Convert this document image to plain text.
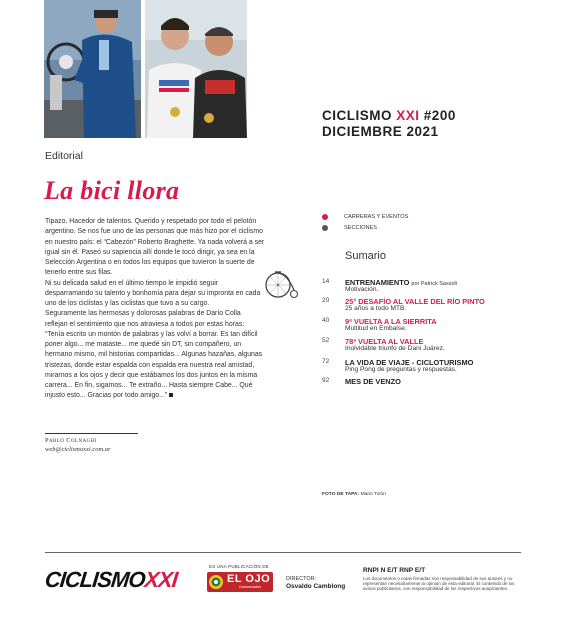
CICLISMO XXI #200
DICIEMBRE 2021
Editorial
La bici llora

Tipazo. Hacedor de talentos. Querido y respetado por todo el pelotón argentino. Se nos fue uno de las personas que más hizo por el ciclismo en nuestro país: el “Cabezón” Roberto Braghette. Ya nada volverá a ser igual sin él. Paseó su sapiencia allí donde le tocó dirigir, ya sea en la Selección Argentina o en todos los equipos que tuvieron la suerte de tenerlo entre sus filas.

Ni su delicada salud en el último tiempo le impidió seguir desparramando su talento y bonhomía para dejar su impronta en cada uno de los ciclistas y las ciclistas que tuvo a su cargo.

Seguramente las hermosas y dolorosas palabras de Darío Colla reflejan el sentimiento que nos atraviesa a todos por estas horas: “Tenía escrito un montón de palabras y las volví a borrar. Es tan difícil poner algo... me mataste... me quedé sin DT, sin compañero, un hermano mismo, mil historias compartidas... Algunas hazañas, algunas tristezas, donde estar espalda con espalda era nuestra real amistad, mirarnos a los ojos y decir que estábamos los dos juntos en la misma carrera... En fin, sigamos... Te extraño... Hasta siempre Cabe... Qué injusto esto... Gracias por todo amigo...”

Pablo Colnaghi
web@ciclismoxxi.com.ar
CARRERAS Y EVENTOS
SECCIONES
Sumario
14 ENTRENAMIENTO por Patrick Sassoli
Motivación.
20 25° DESAFÍO AL VALLE DEL RÍO PINTO
25 años a todo MTB.
40 9ª VUELTA A LA SIERRITA
Multitud en Embalse.
52 78ª VUELTA AL VALLE
Inolvidable triunfo de Dani Juárez.
72 LA VIDA DE VIAJE - CICLOTURISMO
Ping Pong de preguntas y respuestas.
92 MES DE VENZO
FOTO DE TAPA: Mario Tizón
CICLISMOXXI
ES UNA PUBLICACIÓN DE
EL OJO
Comunicación
DIRECTOR:
Osvaldo Camblong
RNPI N E/T RNP E/T
Los documentos o notas firmadas son responsabilidad de sus autores y no representan necesariamente la opinión de esta editorial. El contenido de los avisos publicitarios, son responsabilidad de los respectivos auspiciantes.
